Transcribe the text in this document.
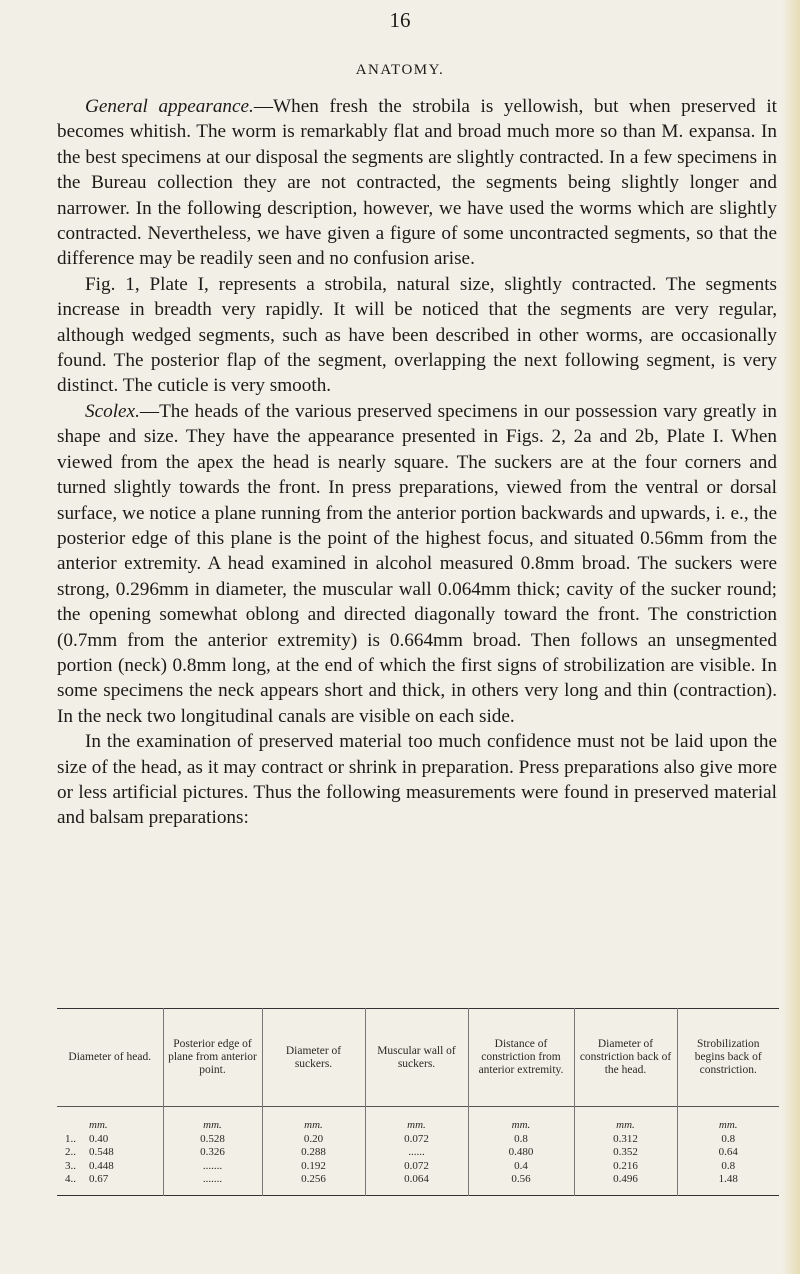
16
ANATOMY.

General appearance.—When fresh the strobila is yellowish, but when preserved it becomes whitish. The worm is remarkably flat and broad much more so than M. expansa. In the best specimens at our disposal the segments are slightly contracted. In a few specimens in the Bureau collection they are not contracted, the segments being slightly longer and narrower. In the following description, however, we have used the worms which are slightly contracted. Nevertheless, we have given a figure of some uncontracted segments, so that the difference may be readily seen and no confusion arise.

Fig. 1, Plate I, represents a strobila, natural size, slightly contracted. The segments increase in breadth very rapidly. It will be noticed that the segments are very regular, although wedged segments, such as have been described in other worms, are occasionally found. The posterior flap of the segment, overlapping the next following segment, is very distinct. The cuticle is very smooth.

Scolex.—The heads of the various preserved specimens in our possession vary greatly in shape and size. They have the appearance presented in Figs. 2, 2a and 2b, Plate I. When viewed from the apex the head is nearly square. The suckers are at the four corners and turned slightly towards the front. In press preparations, viewed from the ventral or dorsal surface, we notice a plane running from the anterior portion backwards and upwards, i. e., the posterior edge of this plane is the point of the highest focus, and situated 0.56mm from the anterior extremity. A head examined in alcohol measured 0.8mm broad. The suckers were strong, 0.296mm in diameter, the muscular wall 0.064mm thick; cavity of the sucker round; the opening somewhat oblong and directed diagonally toward the front. The constriction (0.7mm from the anterior extremity) is 0.664mm broad. Then follows an unsegmented portion (neck) 0.8mm long, at the end of which the first signs of strobilization are visible. In some specimens the neck appears short and thick, in others very long and thin (contraction). In the neck two longitudinal canals are visible on each side.

In the examination of preserved material too much confidence must not be laid upon the size of the head, as it may contract or shrink in preparation. Press preparations also give more or less artificial pictures. Thus the following measurements were found in preserved material and balsam preparations:

Diameter of head.	Posterior edge of plane from anterior point.	Diameter of suckers.	Muscular wall of suckers.	Distance of constriction from anterior extremity.	Diameter of constriction back of the head.	Strobilization begins back of constriction.
mm.	mm.	mm.	mm.	mm.	mm.	mm.
1.. 0.40	0.528	0.20	0.072	0.8	0.312	0.8
2.. 0.548	0.326	0.288	......	0.480	0.352	0.64
3.. 0.448	.......	0.192	0.072	0.4	0.216	0.8
4.. 0.67	.......	0.256	0.064	0.56	0.496	1.48
